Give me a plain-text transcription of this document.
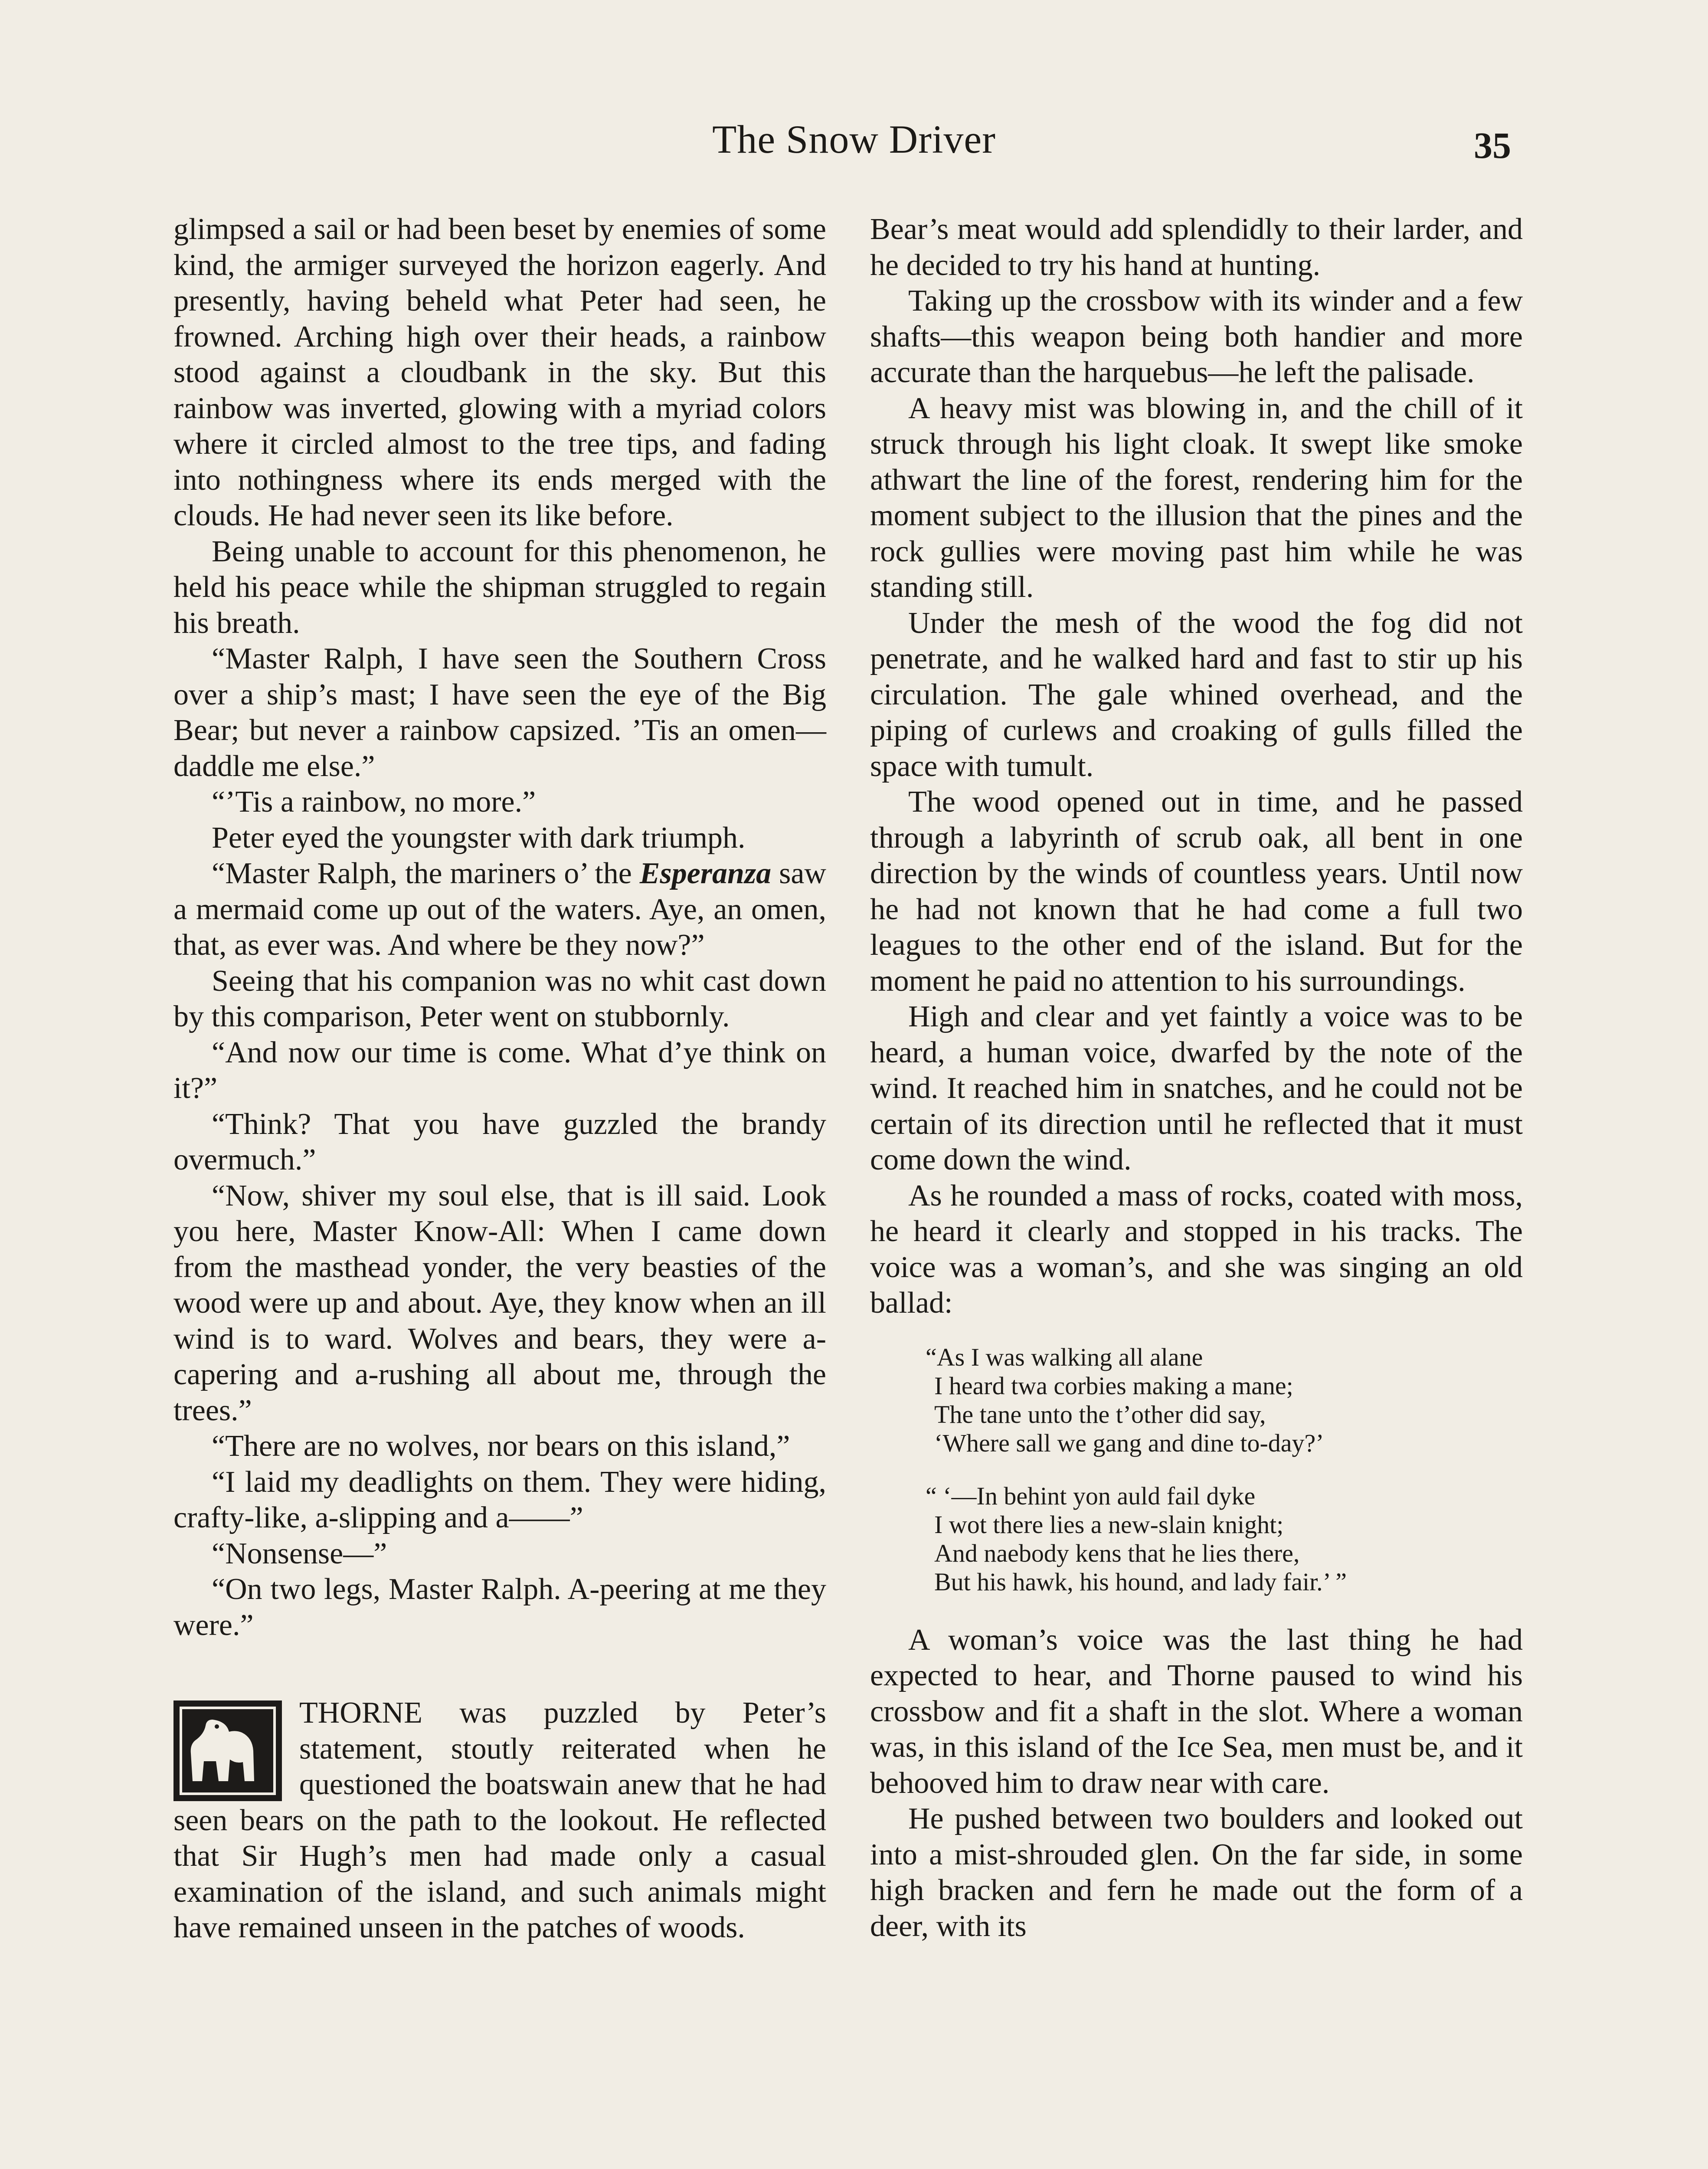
The Snow Driver	35

glimpsed a sail or had been beset by enemies of some kind, the armiger surveyed the horizon eagerly. And presently, having beheld what Peter had seen, he frowned. Arching high over their heads, a rainbow stood against a cloudbank in the sky. But this rainbow was inverted, glowing with a myriad colors where it circled almost to the tree tips, and fading into nothingness where its ends merged with the clouds. He had never seen its like before.

Being unable to account for this phenomenon, he held his peace while the shipman struggled to regain his breath.

“Master Ralph, I have seen the Southern Cross over a ship’s mast; I have seen the eye of the Big Bear; but never a rainbow capsized. ’Tis an omen—daddle me else.”

“’Tis a rainbow, no more.”

Peter eyed the youngster with dark triumph.

“Master Ralph, the mariners o’ the Esperanza saw a mermaid come up out of the waters. Aye, an omen, that, as ever was. And where be they now?”

Seeing that his companion was no whit cast down by this comparison, Peter went on stubbornly.

“And now our time is come. What d’ye think on it?”

“Think? That you have guzzled the brandy overmuch.”

“Now, shiver my soul else, that is ill said. Look you here, Master Know-All: When I came down from the masthead yonder, the very beasties of the wood were up and about. Aye, they know when an ill wind is to ward. Wolves and bears, they were a-capering and a-rushing all about me, through the trees.”

“There are no wolves, nor bears on this island,”

“I laid my deadlights on them. They were hiding, crafty-like, a-slipping and a——”

“Nonsense—”

“On two legs, Master Ralph. A-peering at me they were.”

THORNE was puzzled by Peter’s statement, stoutly reiterated when he questioned the boatswain anew that he had seen bears on the path to the lookout. He reflected that Sir Hugh’s men had made only a casual examination of the island, and such animals might have remained unseen in the patches of woods.

Bear’s meat would add splendidly to their larder, and he decided to try his hand at hunting.

Taking up the crossbow with its winder and a few shafts—this weapon being both handier and more accurate than the harquebus—he left the palisade.

A heavy mist was blowing in, and the chill of it struck through his light cloak. It swept like smoke athwart the line of the forest, rendering him for the moment subject to the illusion that the pines and the rock gullies were moving past him while he was standing still.

Under the mesh of the wood the fog did not penetrate, and he walked hard and fast to stir up his circulation. The gale whined overhead, and the piping of curlews and croaking of gulls filled the space with tumult.

The wood opened out in time, and he passed through a labyrinth of scrub oak, all bent in one direction by the winds of countless years. Until now he had not known that he had come a full two leagues to the other end of the island. But for the moment he paid no attention to his surroundings.

High and clear and yet faintly a voice was to be heard, a human voice, dwarfed by the note of the wind. It reached him in snatches, and he could not be certain of its direction until he reflected that it must come down the wind.

As he rounded a mass of rocks, coated with moss, he heard it clearly and stopped in his tracks. The voice was a woman’s, and she was singing an old ballad:

“As I was walking all alane
I heard twa corbies making a mane;
The tane unto the t’other did say,
‘Where sall we gang and dine to-day?’
“ ‘—In behint yon auld fail dyke
I wot there lies a new-slain knight;
And naebody kens that he lies there,
But his hawk, his hound, and lady fair.’ ”

A woman’s voice was the last thing he had expected to hear, and Thorne paused to wind his crossbow and fit a shaft in the slot. Where a woman was, in this island of the Ice Sea, men must be, and it behooved him to draw near with care.

He pushed between two boulders and looked out into a mist-shrouded glen. On the far side, in some high bracken and fern he made out the form of a deer, with its
